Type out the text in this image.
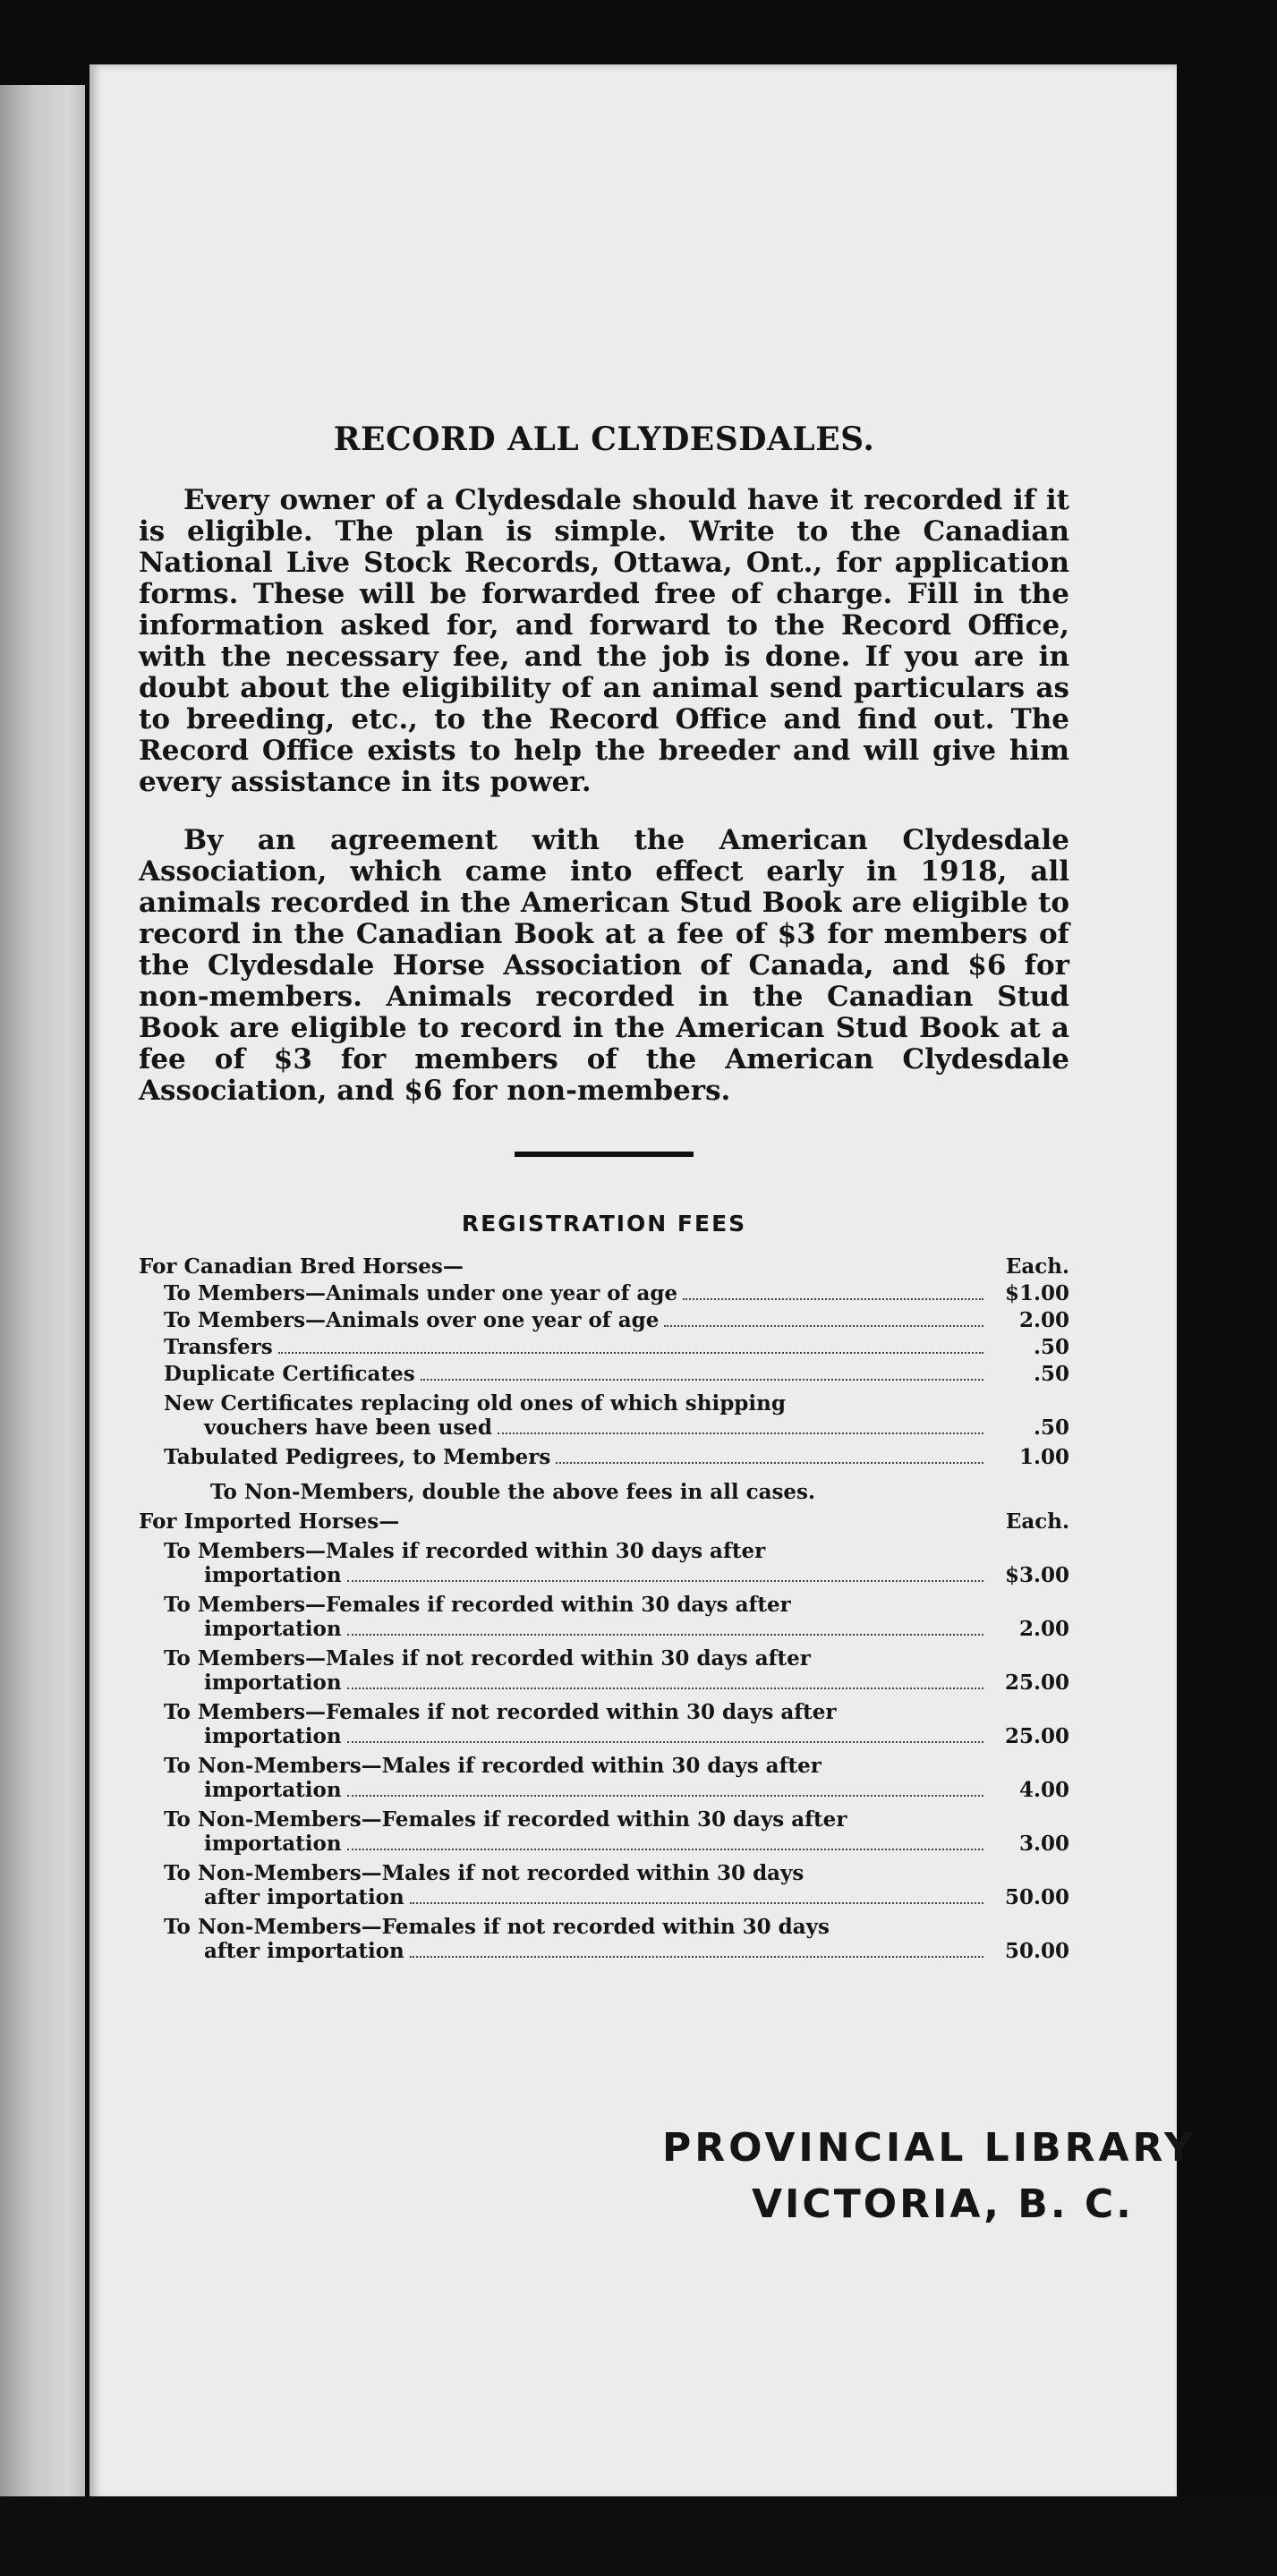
RECORD ALL CLYDESDALES.

Every owner of a Clydesdale should have it recorded if it is eligible. The plan is simple. Write to the Canadian National Live Stock Records, Ottawa, Ont., for application forms. These will be forwarded free of charge. Fill in the information asked for, and forward to the Record Office, with the necessary fee, and the job is done. If you are in doubt about the eligibility of an animal send particulars as to breeding, etc., to the Record Office and find out. The Record Office exists to help the breeder and will give him every assistance in its power.

By an agreement with the American Clydesdale Association, which came into effect early in 1918, all animals recorded in the American Stud Book are eligible to record in the Canadian Book at a fee of $3 for members of the Clydesdale Horse Association of Canada, and $6 for non-members. Animals recorded in the Canadian Stud Book are eligible to record in the American Stud Book at a fee of $3 for members of the American Clydesdale Association, and $6 for non-members.

REGISTRATION FEES
For Canadian Bred Horses—	Each.
To Members—Animals under one year of age	$1.00
To Members—Animals over one year of age	2.00
Transfers	.50
Duplicate Certificates	.50
New Certificates replacing old ones of which shipping
vouchers have been used	.50
Tabulated Pedigrees, to Members	1.00
To Non-Members, double the above fees in all cases.
For Imported Horses—	Each.
To Members—Males if recorded within 30 days after
importation	$3.00
To Members—Females if recorded within 30 days after
importation	2.00
To Members—Males if not recorded within 30 days after
importation	25.00
To Members—Females if not recorded within 30 days after
importation	25.00
To Non-Members—Males if recorded within 30 days after
importation	4.00
To Non-Members—Females if recorded within 30 days after
importation	3.00
To Non-Members—Males if not recorded within 30 days
after importation	50.00
To Non-Members—Females if not recorded within 30 days
after importation	50.00
PROVINCIAL LIBRARY
VICTORIA, B. C.
